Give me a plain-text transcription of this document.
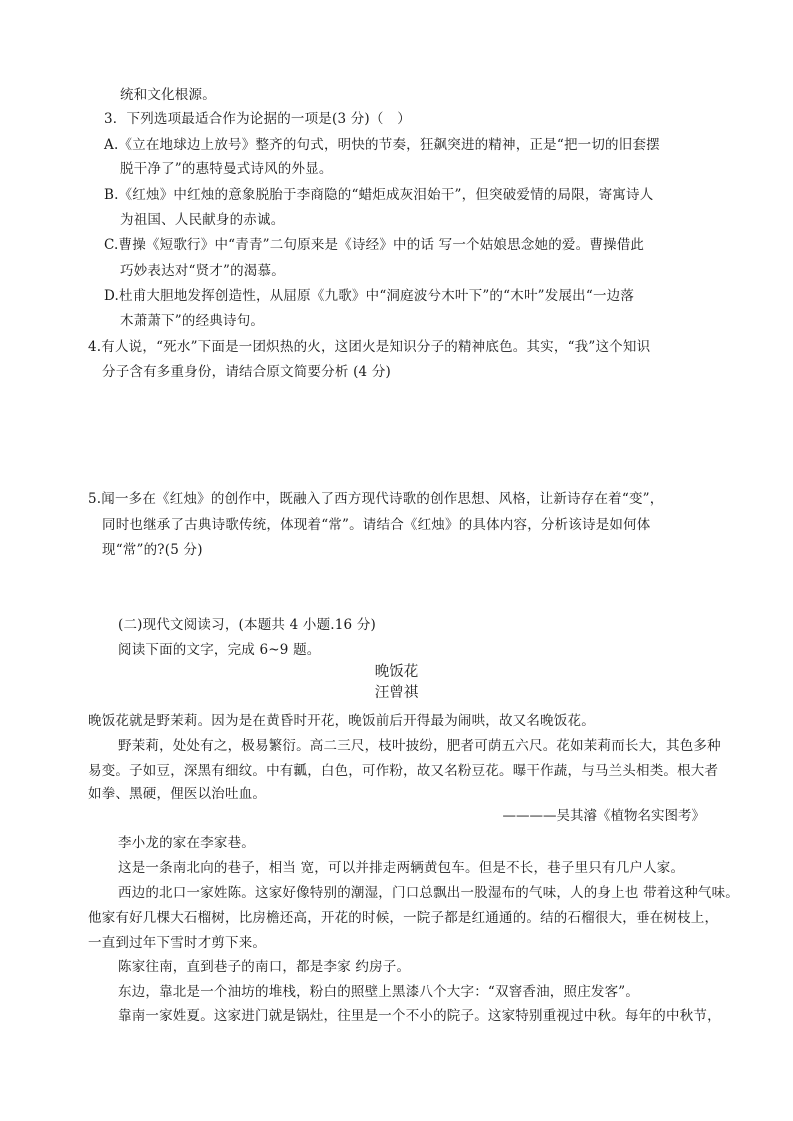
统和文化根源。
3．下列选项最适合作为论据的一项是(3 分)（　）
A.《立在地球边上放号》整齐的句式，明快的节奏，狂飙突进的精神，正是“把一切的旧套摆
脱干净了”的惠特曼式诗风的外显。
B.《红烛》中红烛的意象脱胎于李商隐的“蜡炬成灰泪始干”，但突破爱情的局限，寄寓诗人
为祖国、人民献身的赤诚。
C.曹操《短歌行》中“青青”二句原来是《诗经》中的话 写一个姑娘思念她的爱。曹操借此
巧妙表达对“贤才”的渴慕。
D.杜甫大胆地发挥创造性，从屈原《九歌》中“洞庭波兮木叶下”的“木叶”发展出“一边落
木萧萧下”的经典诗句。
4.有人说，“死水”下面是一团炽热的火，这团火是知识分子的精神底色。其实，“我”这个知识
分子含有多重身份，请结合原文简要分析 (4 分)
5.闻一多在《红烛》的创作中，既融入了西方现代诗歌的创作思想、风格，让新诗存在着“变”，
同时也继承了古典诗歌传统，体现着“常”。请结合《红烛》的具体内容，分析该诗是如何体
现“常”的?(5 分)
(二)现代文阅读习，(本题共 4 小题.16 分)
阅读下面的文字，完成 6~9 题。
晚饭花
汪曾祺
晚饭花就是野茉莉。因为是在黄昏时开花，晚饭前后开得最为闹哄，故又名晚饭花。
野茉莉，处处有之，极易繁衍。高二三尺，枝叶披纷，肥者可荫五六尺。花如茉莉而长大，其色多种
易变。子如豆，深黑有细纹。中有瓤，白色，可作粉，故又名粉豆花。曝干作蔬，与马兰头相类。根大者
如拳、黑硬，俚医以治吐血。
————吴其濬《植物名实图考》
李小龙的家在李家巷。
这是一条南北向的巷子，相当 宽，可以并排走两辆黄包车。但是不长，巷子里只有几户人家。
西边的北口一家姓陈。这家好像特别的潮湿，门口总飘出一股湿布的气味，人的身上也 带着这种气味。
他家有好几棵大石榴树，比房檐还高，开花的时候，一院子都是红通通的。结的石榴很大，垂在树枝上，
一直到过年下雪时才剪下来。
陈家往南，直到巷子的南口，都是李家 约房子。
东边，靠北是一个油坊的堆栈，粉白的照壁上黑漆八个大字：“双窨香油，照庄发客”。
靠南一家姓夏。这家进门就是锅灶，往里是一个不小的院子。这家特别重视过中秋。每年的中秋节，
